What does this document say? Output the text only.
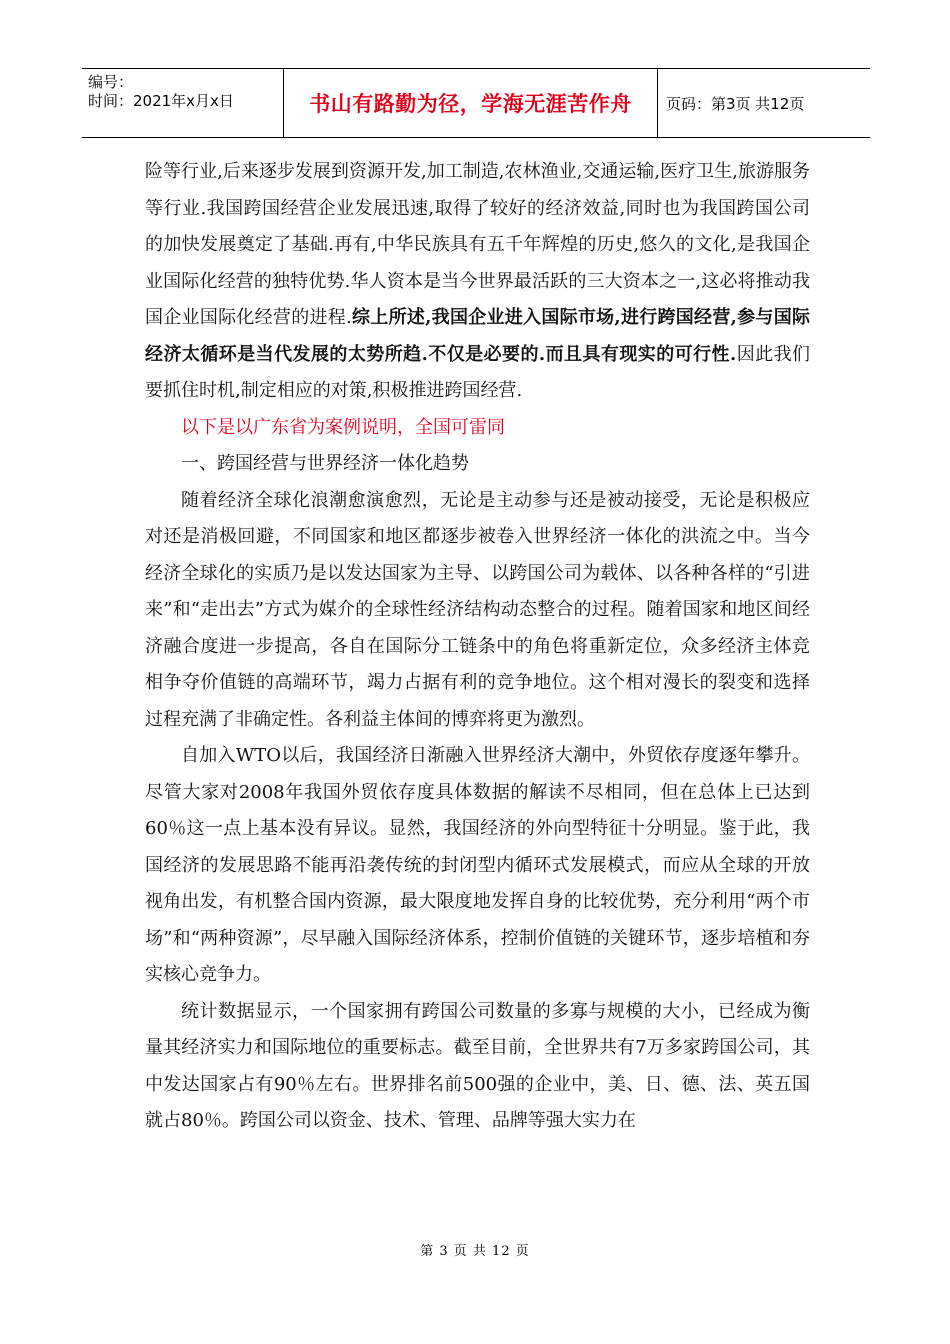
编号：
时间：2021年x月x日	书山有路勤为径，学海无涯苦作舟 页码：第3页 共12页

险等行业,后来逐步发展到资源开发,加工制造,农林渔业,交通运输,医疗卫生,旅游服务等行业.我国跨国经营企业发展迅速,取得了较好的经济效益,同时也为我国跨国公司的加快发展奠定了基础.再有,中华民族具有五千年辉煌的历史,悠久的文化,是我国企业国际化经营的独特优势.华人资本是当今世界最活跃的三大资本之一,这必将推动我国企业国际化经营的进程.综上所述,我国企业进入国际市场,进行跨国经营,参与国际经济太循环是当代发展的太势所趋.不仅是必要的.而且具有现实的可行性.因此我们要抓住时机,制定相应的对策,积极推进跨国经营.

以下是以广东省为案例说明，全国可雷同

一、跨国经营与世界经济一体化趋势

随着经济全球化浪潮愈演愈烈，无论是主动参与还是被动接受，无论是积极应对还是消极回避，不同国家和地区都逐步被卷入世界经济一体化的洪流之中。当今经济全球化的实质乃是以发达国家为主导、以跨国公司为载体、以各种各样的“引进来”和“走出去”方式为媒介的全球性经济结构动态整合的过程。随着国家和地区间经济融合度进一步提高，各自在国际分工链条中的角色将重新定位，众多经济主体竞相争夺价值链的高端环节，竭力占据有利的竞争地位。这个相对漫长的裂变和选择过程充满了非确定性。各利益主体间的博弈将更为激烈。

自加入WTO以后，我国经济日渐融入世界经济大潮中，外贸依存度逐年攀升。尽管大家对2008年我国外贸依存度具体数据的解读不尽相同，但在总体上已达到60％这一点上基本没有异议。显然，我国经济的外向型特征十分明显。鉴于此，我国经济的发展思路不能再沿袭传统的封闭型内循环式发展模式，而应从全球的开放视角出发，有机整合国内资源，最大限度地发挥自身的比较优势，充分利用“两个市场”和“两种资源”，尽早融入国际经济体系，控制价值链的关键环节，逐步培植和夯实核心竞争力。

统计数据显示，一个国家拥有跨国公司数量的多寡与规模的大小，已经成为衡量其经济实力和国际地位的重要标志。截至目前，全世界共有7万多家跨国公司，其中发达国家占有90％左右。世界排名前500强的企业中，美、日、德、法、英五国就占80％。跨国公司以资金、技术、管理、品牌等强大实力在

第 3 页 共 12 页
